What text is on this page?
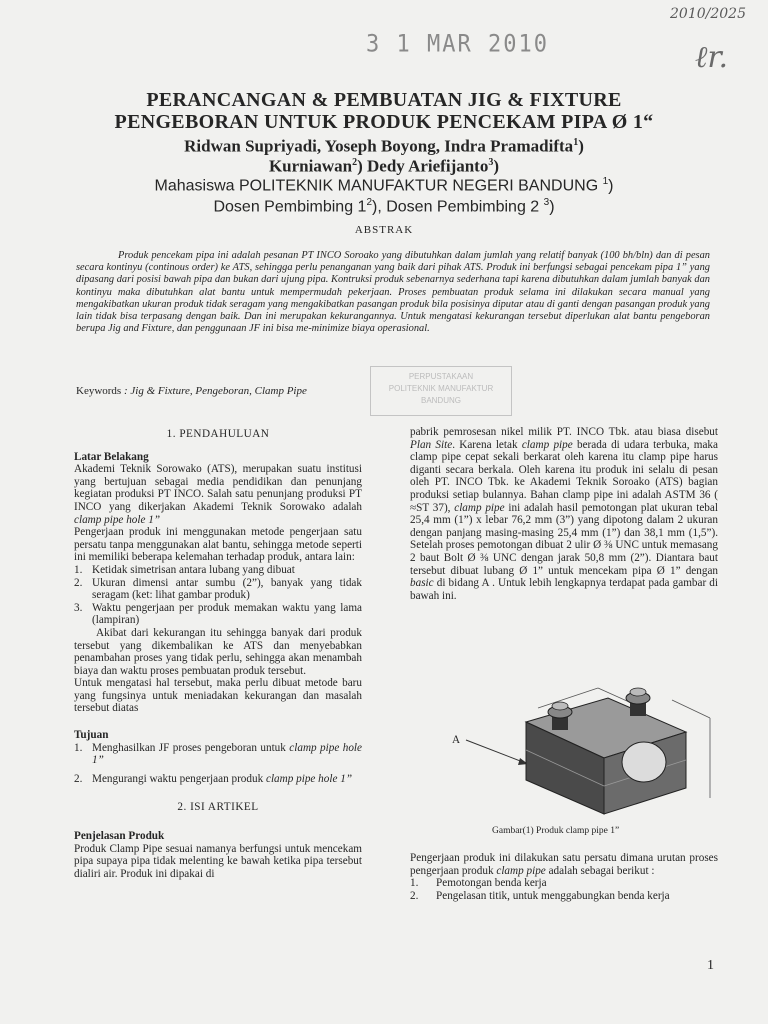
3 1 MAR 2010
2010/2025
ℓr.
PERANCANGAN & PEMBUATAN JIG & FIXTURE
PENGEBORAN UNTUK PRODUK PENCEKAM PIPA Ø 1“
Ridwan Supriyadi, Yoseph Boyong, Indra Pramadifta$^1$)
Kurniawan$^2$) Dedy Ariefijanto$^3$)
Mahasiswa POLITEKNIK MANUFAKTUR NEGERI BANDUNG $^1$)
Dosen Pembimbing $1^2$), Dosen Pembimbing 2 $^3$)
ABSTRAK
Produk pencekam pipa ini adalah pesanan PT INCO Soroako yang dibutuhkan dalam jumlah yang relatif banyak (100 bh/bln) dan di pesan secara kontinyu (continous order) ke ATS, sehingga perlu penanganan yang baik dari pihak ATS. Produk ini berfungsi sebagai pencekam pipa 1” yang dipasang dari posisi bawah pipa dan bukan dari ujung pipa. Kontruksi produk sebenarnya sederhana tapi karena dibutuhkan dalam jumlah banyak dan kontinyu maka dibutuhkan alat bantu untuk mempermudah pekerjaan. Proses pembuatan produk selama ini dilakukan secara manual yang mengakibatkan ukuran produk tidak seragam yang mengakibatkan pasangan produk bila posisinya diputar atau di ganti dengan pasangan produk yang lain tidak bisa terpasang dengan baik. Dan ini merupakan kekurangannya. Untuk mengatasi kekurangan tersebut diperlukan alat bantu pengeboran berupa Jig and Fixture, dan penggunaan JF ini bisa me-minimize biaya operasional.
Keywords : Jig & Fixture, Pengeboran, Clamp Pipe
PERPUSTAKAAN
POLITEKNIK MANUFAKTUR
BANDUNG
1. PENDAHULUAN
Latar Belakang

Akademi Teknik Sorowako (ATS), merupakan suatu institusi yang bertujuan sebagai media pendidikan dan penunjang kegiatan produksi PT INCO. Salah satu penunjang produksi PT INCO yang dikerjakan Akademi Teknik Sorowako adalah clamp pipe hole 1”

Pengerjaan produk ini menggunakan metode pengerjaan satu persatu tanpa menggunakan alat bantu, sehingga metode seperti ini memiliki beberapa kelemahan terhadap produk, antara lain:

1. Ketidak simetrisan antara lubang yang dibuat
2. Ukuran dimensi antar sumbu (2”), banyak yang tidak seragam (ket: lihat gambar produk)
3. Waktu pengerjaan per produk memakan waktu yang lama (lampiran)

Akibat dari kekurangan itu sehingga banyak dari produk tersebut yang dikembalikan ke ATS dan menyebabkan penambahan proses yang tidak perlu, sehingga akan menambah biaya dan waktu proses pembuatan produk tersebut.

Untuk mengatasi hal tersebut, maka perlu dibuat metode baru yang fungsinya untuk meniadakan kekurangan dan masalah tersebut diatas

Tujuan
1. Menghasilkan JF proses pengeboran untuk clamp pipe hole 1”
2. Mengurangi waktu pengerjaan produk clamp pipe hole 1”
2. ISI ARTIKEL
Penjelasan Produk

Produk Clamp Pipe sesuai namanya berfungsi untuk mencekam pipa supaya pipa tidak melenting ke bawah ketika pipa tersebut dialiri air. Produk ini dipakai di

pabrik pemrosesan nikel milik PT. INCO Tbk. atau biasa disebut Plan Site. Karena letak clamp pipe berada di udara terbuka, maka clamp pipe cepat sekali berkarat oleh karena itu clamp pipe harus diganti secara berkala. Oleh karena itu produk ini selalu di pesan oleh PT. INCO Tbk. ke Akademi Teknik Soroako (ATS) bagian produksi setiap bulannya. Bahan clamp pipe ini adalah ASTM 36 ( ≈ST 37), clamp pipe ini adalah hasil pemotongan plat ukuran tebal 25,4 mm (1”) x lebar 76,2 mm (3”) yang dipotong dalam 2 ukuran dengan panjang masing-masing 25,4 mm (1”) dan 38,1 mm (1,5”). Setelah proses pemotongan dibuat 2 ulir Ø ⅜ UNC untuk memasang 2 baut Bolt Ø ⅜ UNC dengan jarak 50,8 mm (2”). Diantara baut tersebut dibuat lubang Ø 1” untuk mencekam pipa Ø 1” dengan basic di bidang A . Untuk lebih lengkapnya terdapat pada gambar di bawah ini.

A
Gambar(1) Produk clamp pipe 1”

Pengerjaan produk ini dilakukan satu persatu dimana urutan proses pengerjaan produk clamp pipe adalah sebagai berikut :

1.	Pemotongan benda kerja
2.	Pengelasan titik, untuk menggabungkan benda kerja
1
